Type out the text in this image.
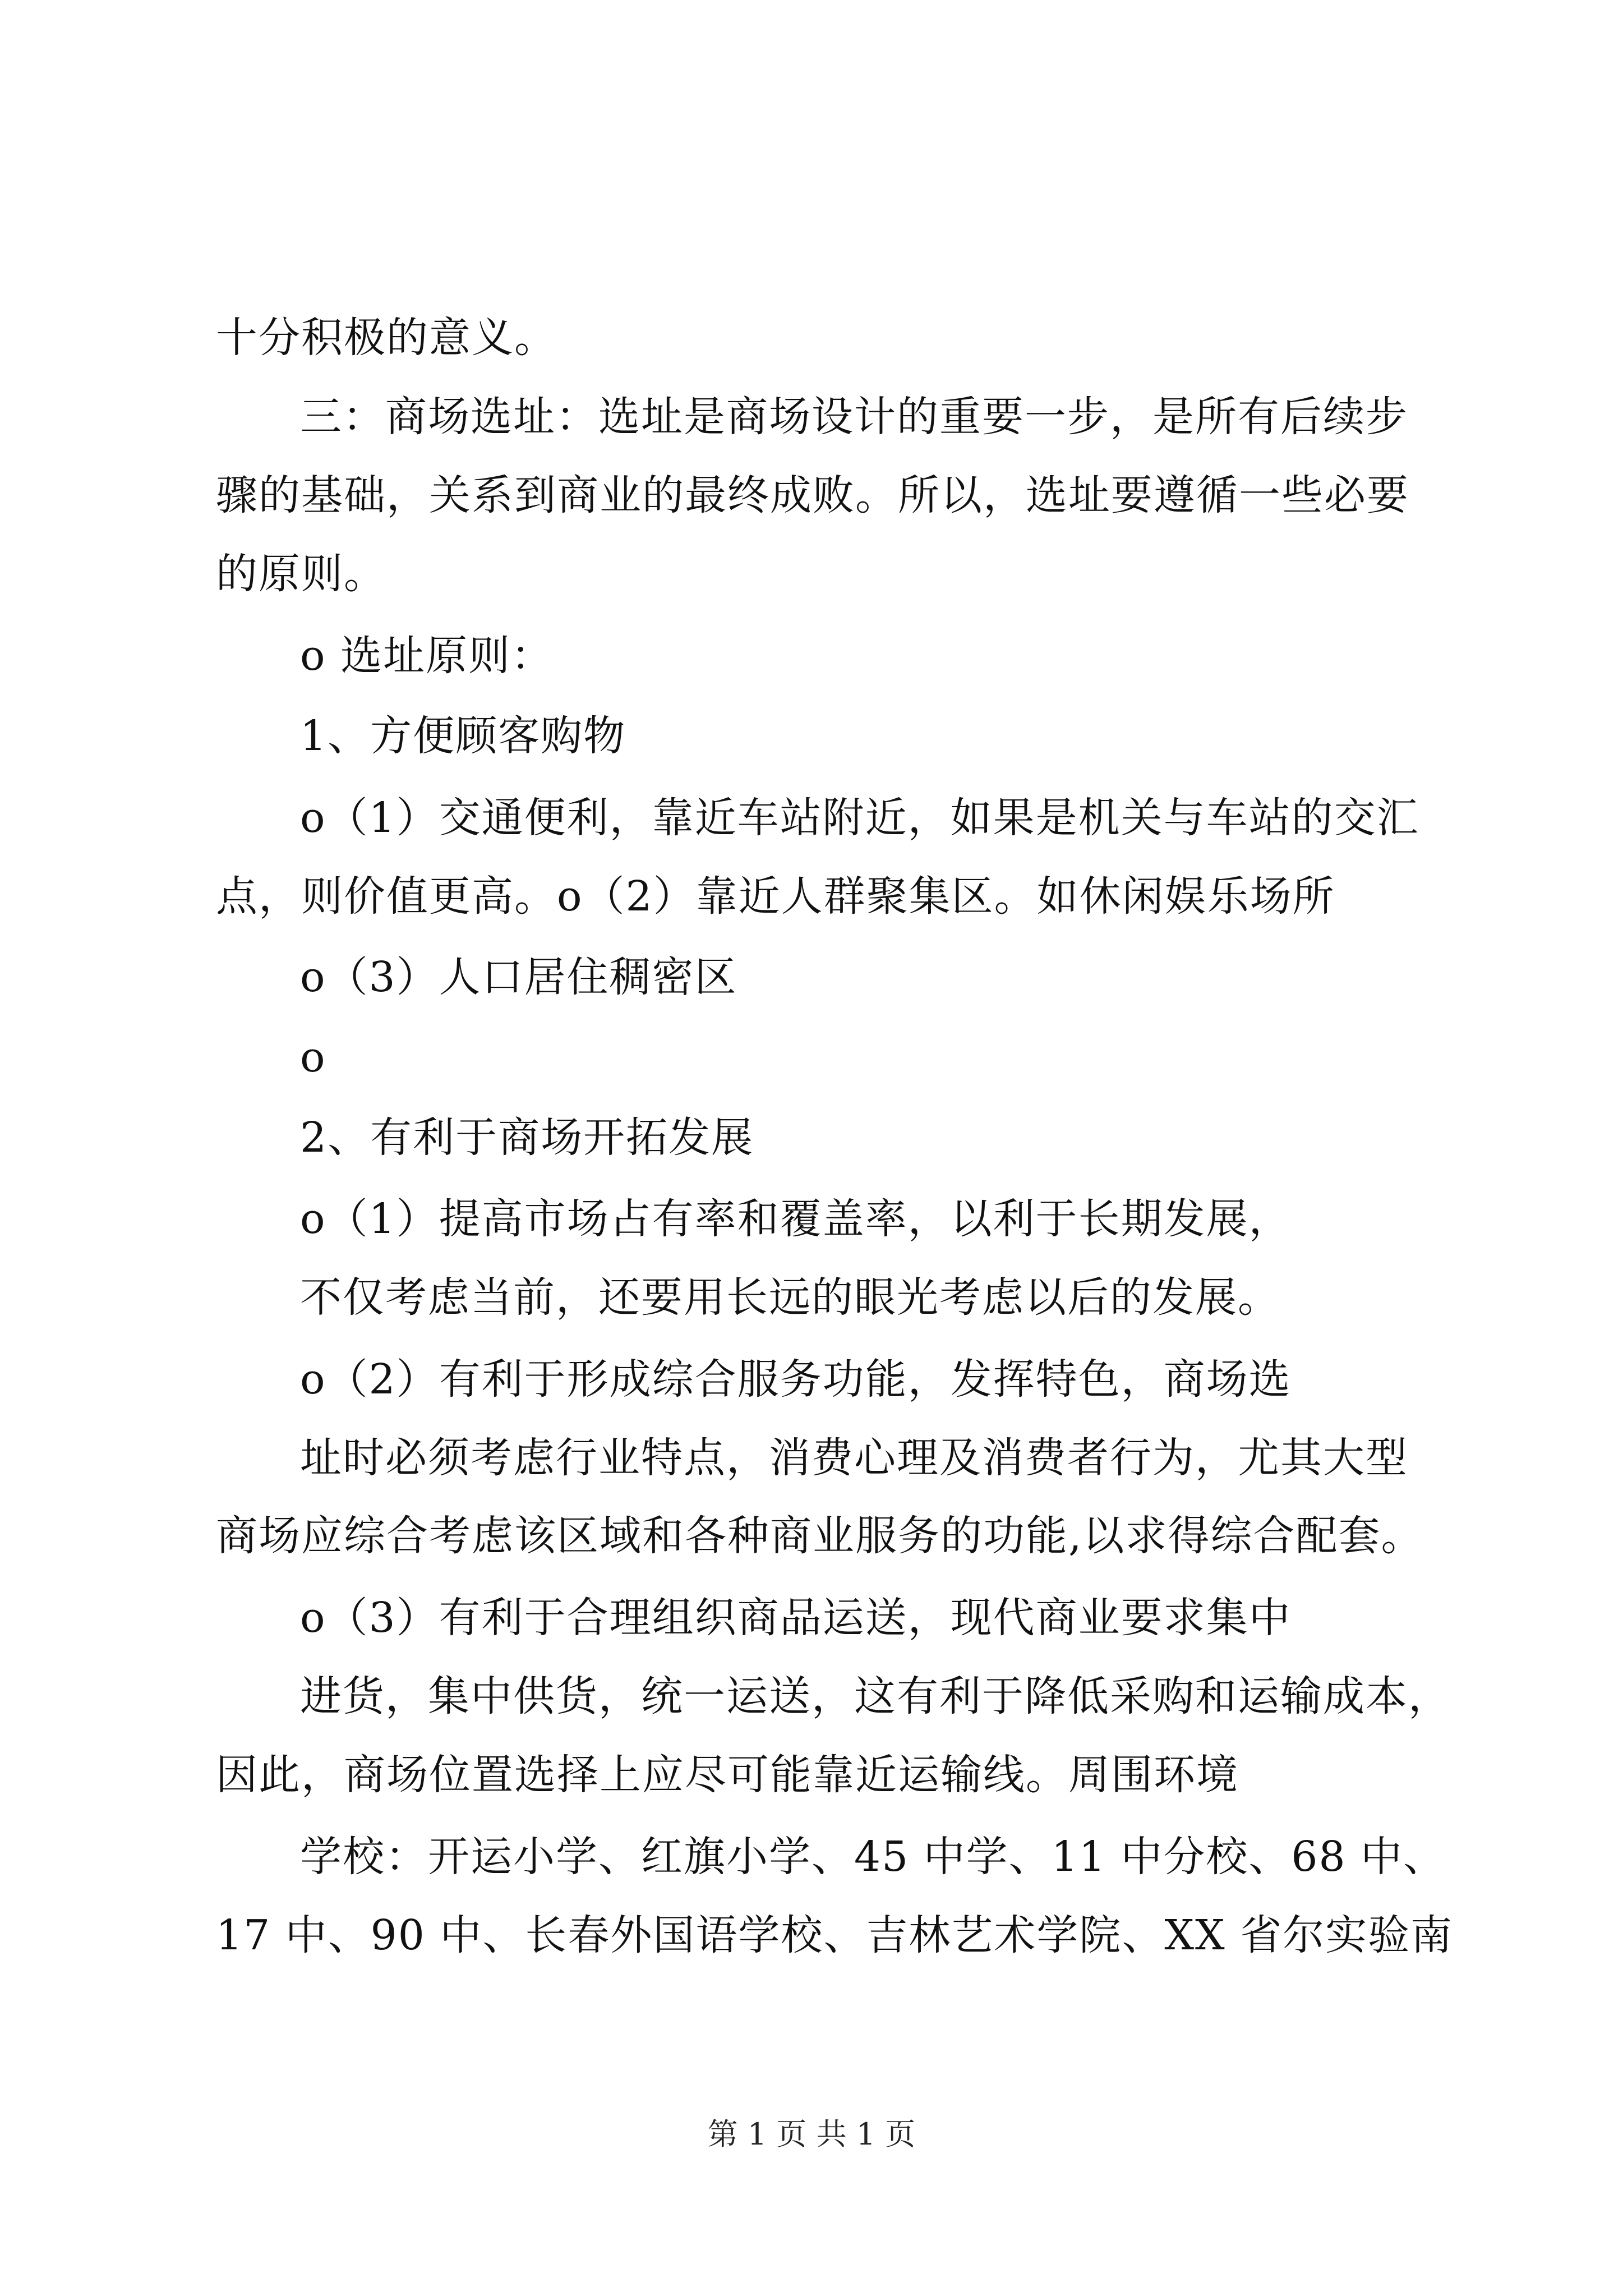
十分积极的意义。
三：商场选址：选址是商场设计的重要一步，是所有后续步
骤的基础，关系到商业的最终成败。所以，选址要遵循一些必要
的原则。
o 选址原则：
1、方便顾客购物
o（1）交通便利，靠近车站附近，如果是机关与车站的交汇
点，则价值更高。o（2）靠近人群聚集区。如休闲娱乐场所
o（3）人口居住稠密区
o
2、有利于商场开拓发展
o（1）提高市场占有率和覆盖率，以利于长期发展，
不仅考虑当前，还要用长远的眼光考虑以后的发展。
o（2）有利于形成综合服务功能，发挥特色，商场选
址时必须考虑行业特点，消费心理及消费者行为，尤其大型
商场应综合考虑该区域和各种商业服务的功能,以求得综合配套。
o（3）有利于合理组织商品运送，现代商业要求集中
进货，集中供货，统一运送，这有利于降低采购和运输成本，
因此，商场位置选择上应尽可能靠近运输线。周围环境
学校：开运小学、红旗小学、45 中学、11 中分校、68 中、
17 中、90 中、长春外国语学校、吉林艺术学院、XX 省尔实验南
第 1 页 共 1 页
